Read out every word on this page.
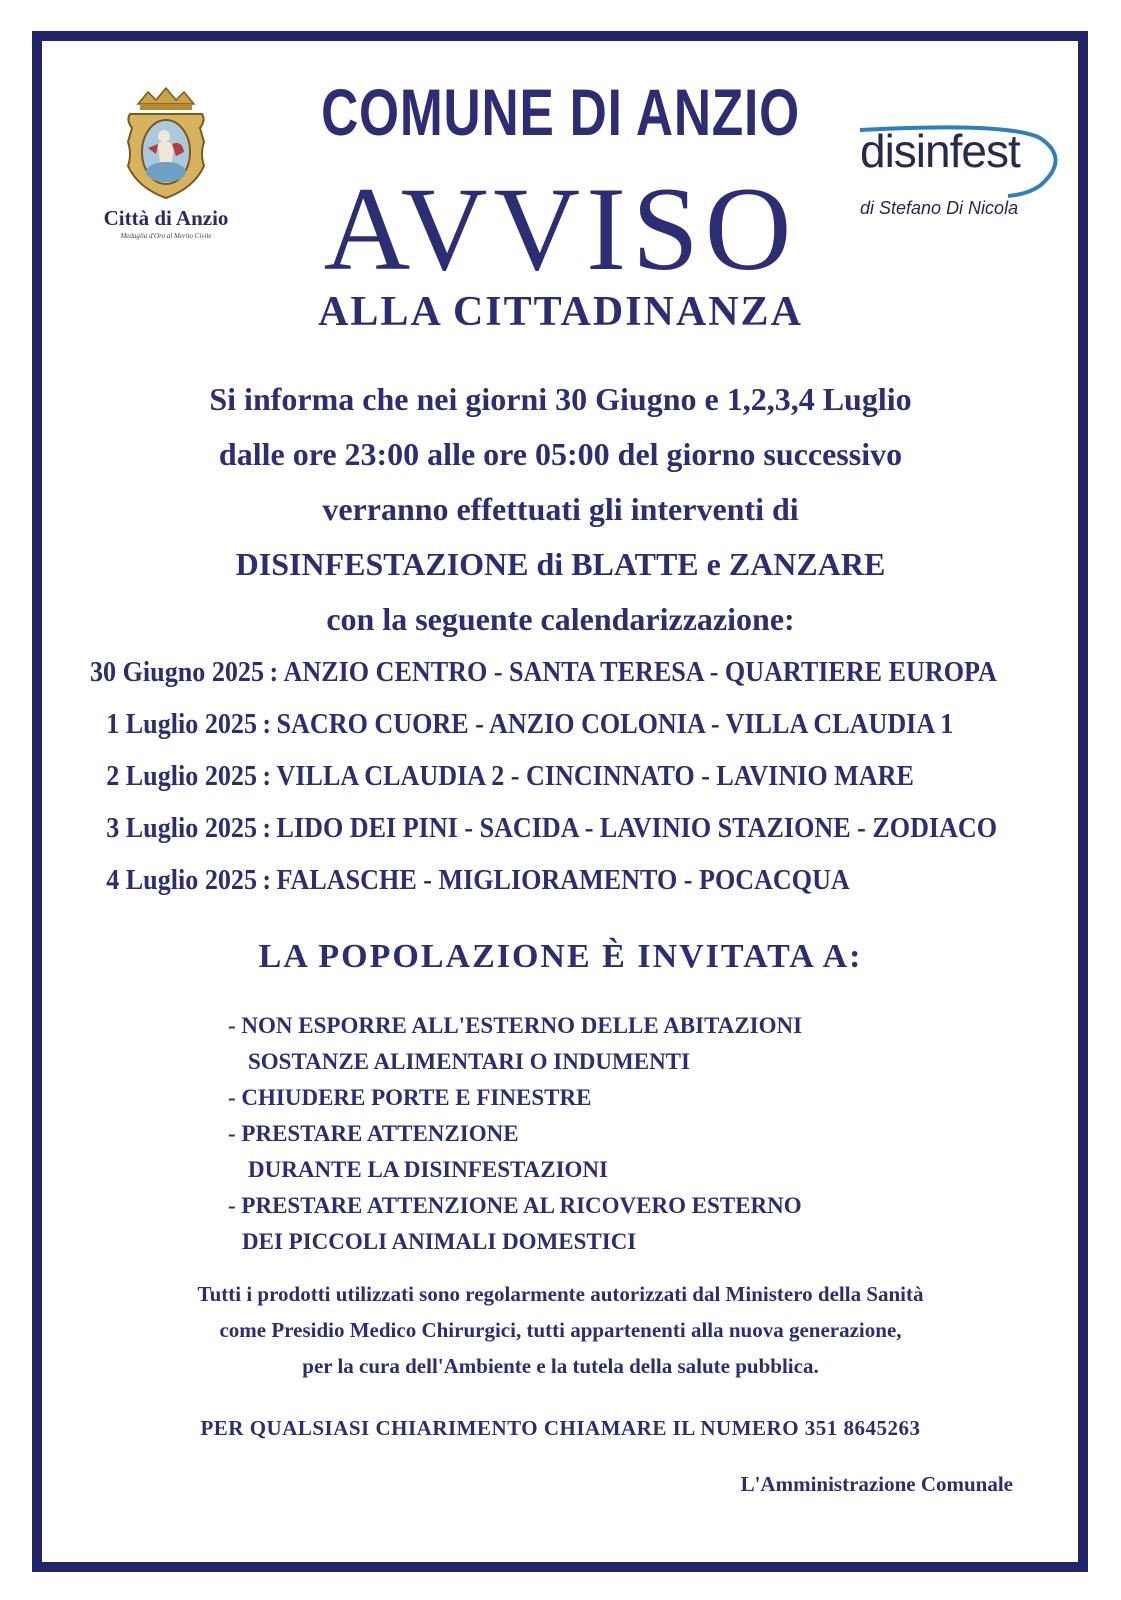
Città di Anzio
Medaglia d'Oro al Merito Civile
disinfest
di Stefano Di Nicola
COMUNE DI ANZIO
AVVISO
ALLA CITTADINANZA
Si informa che nei giorni 30 Giugno e 1,2,3,4 Luglio
dalle ore 23:00 alle ore 05:00 del giorno successivo
verranno effettuati gli interventi di
DISINFESTAZIONE di BLATTE e ZANZARE
con la seguente calendarizzazione:
30 Giugno 2025 : ANZIO CENTRO - SANTA TERESA - QUARTIERE EUROPA
1 Luglio 2025 : SACRO CUORE - ANZIO COLONIA - VILLA CLAUDIA 1
2 Luglio 2025 : VILLA CLAUDIA 2 - CINCINNATO - LAVINIO MARE
3 Luglio 2025 : LIDO DEI PINI - SACIDA - LAVINIO STAZIONE - ZODIACO
4 Luglio 2025 : FALASCHE - MIGLIORAMENTO - POCACQUA
LA POPOLAZIONE È INVITATA A:
- NON ESPORRE ALL'ESTERNO DELLE ABITAZIONI
SOSTANZE ALIMENTARI O INDUMENTI
- CHIUDERE PORTE E FINESTRE
- PRESTARE ATTENZIONE
DURANTE LA DISINFESTAZIONI
- PRESTARE ATTENZIONE AL RICOVERO ESTERNO
DEI PICCOLI ANIMALI DOMESTICI
Tutti i prodotti utilizzati sono regolarmente autorizzati dal Ministero della Sanità
come Presidio Medico Chirurgici, tutti appartenenti alla nuova generazione,
per la cura dell'Ambiente e la tutela della salute pubblica.
PER QUALSIASI CHIARIMENTO CHIAMARE IL NUMERO 351 8645263
L'Amministrazione Comunale
